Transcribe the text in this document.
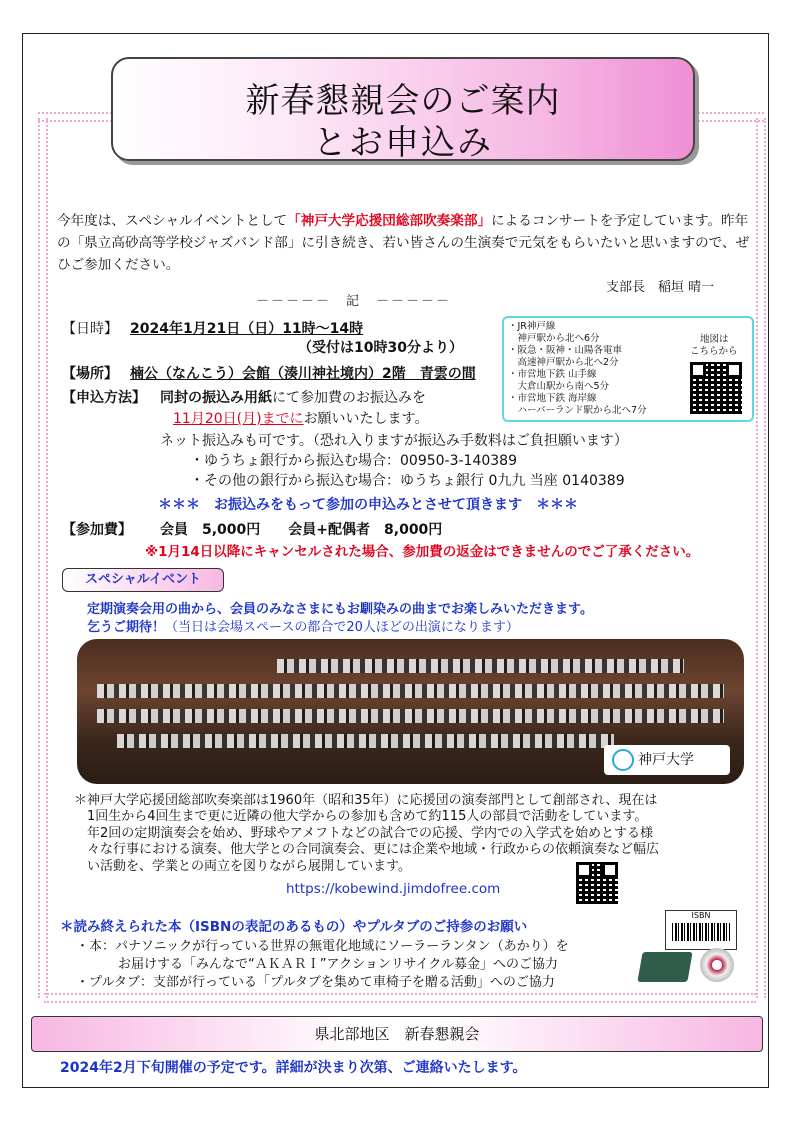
新春懇親会のご案内
とお申込み
今年度は、スペシャルイベントとして「神戸大学応援団総部吹奏楽部」によるコンサートを予定しています。昨年の「県立高砂高等学校ジャズバンド部」に引き続き、若い皆さんの生演奏で元気をもらいたいと思いますので、ぜひご参加ください。
支部長　稲垣 晴一
－－－－－　記　－－－－－
【日時】 2024年1月21日（日）11時～14時
（受付は10時30分より）
【場所】 楠公（なんこう）会館（湊川神社境内）2階　青雲の間
【申込方法】 同封の振込み用紙にて参加費のお振込みを
11月20日(月)までにお願いいたします。
ネット振込みも可です。（恐れ入りますが振込み手数料はご負担願います）
・ゆうちょ銀行から振込む場合：00950-3-140389
・その他の銀行から振込む場合：ゆうちょ銀行 0九九 当座 0140389
＊＊＊　お振込みをもって参加の申込みとさせて頂きます　＊＊＊
【参加費】 会員　5,000円　　会員+配偶者　8,000円
※1月14日以降にキャンセルされた場合、参加費の返金はできませんのでご了承ください。
・JR神戸線
　神戸駅から北へ6分
・阪急・阪神・山陽各電車
　高速神戸駅から北へ2分
・市営地下鉄 山手線
　大倉山駅から南へ5分
・市営地下鉄 海岸線
　ハーバーランド駅から北へ7分
地図は
こちらから
スペシャルイベント
定期演奏会用の曲から、会員のみなさまにもお馴染みの曲までお楽しみいただきます。
乞うご期待！（当日は会場スペースの都合で20人ほどの出演になります）
神戸大学
＊神戸大学応援団総部吹奏楽部は1960年（昭和35年）に応援団の演奏部門として創部され、現在は
　1回生から4回生まで更に近隣の他大学からの参加も含めて約115人の部員で活動をしています。
　年2回の定期演奏会を始め、野球やアメフトなどの試合での応援、学内での入学式を始めとする様
　々な行事における演奏、他大学との合同演奏会、更には企業や地域・行政からの依頼演奏など幅広
　い活動を、学業との両立を図りながら展開しています。
https://kobewind.jimdofree.com
＊読み終えられた本（ISBNの表記のあるもの）やプルタブのご持参のお願い
・本：パナソニックが行っている世界の無電化地域にソーラーランタン（あかり）を
お届けする「みんなで“ＡＫＡＲＩ”アクションリサイクル募金」へのご協力
・プルタブ：支部が行っている「プルタブを集めて車椅子を贈る活動」へのご協力
ISBN
県北部地区　新春懇親会
2024年2月下旬開催の予定です。詳細が決まり次第、ご連絡いたします。
